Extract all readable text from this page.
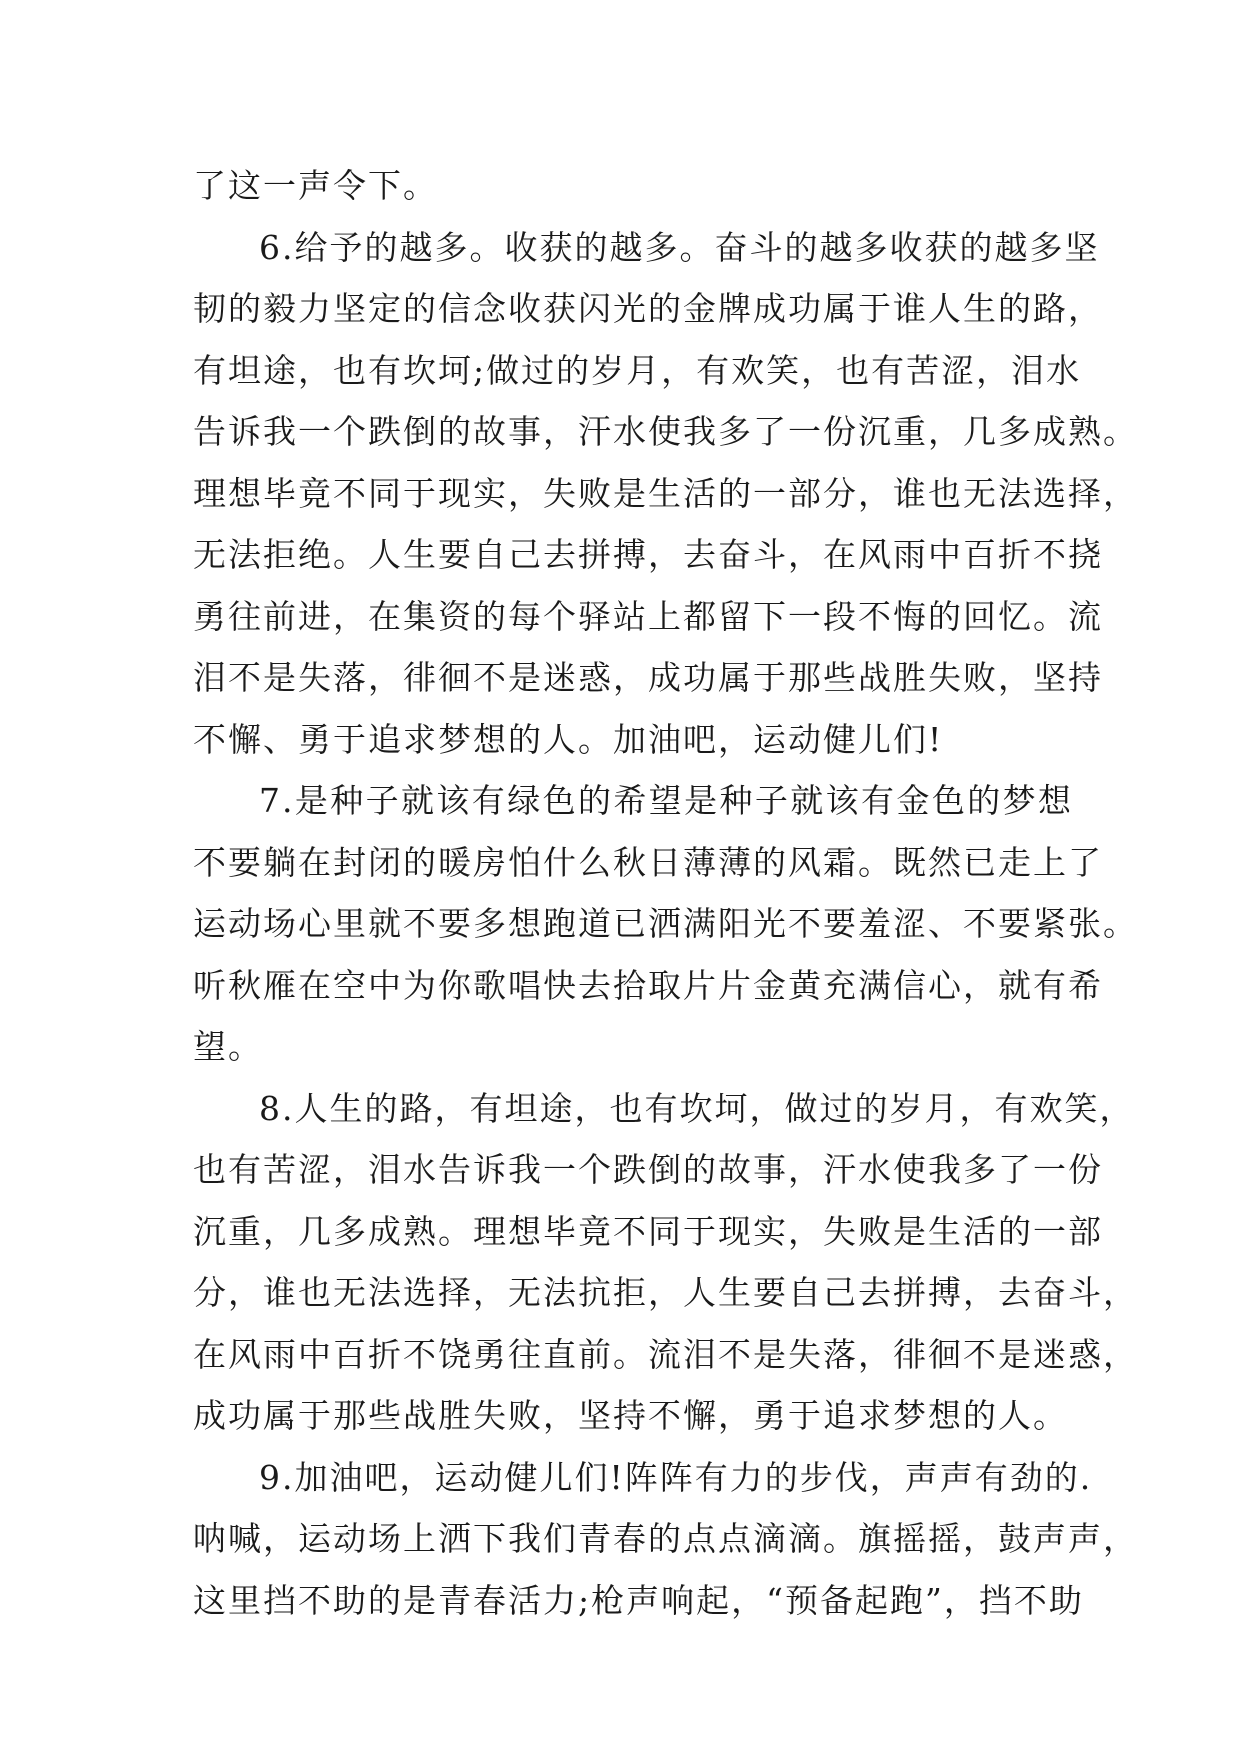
了这一声令下。
6.给予的越多。收获的越多。奋斗的越多收获的越多坚
韧的毅力坚定的信念收获闪光的金牌成功属于谁人生的路，
有坦途，也有坎坷;做过的岁月，有欢笑，也有苦涩，泪水
告诉我一个跌倒的故事，汗水使我多了一份沉重，几多成熟。
理想毕竟不同于现实，失败是生活的一部分，谁也无法选择，
无法拒绝。人生要自己去拼搏，去奋斗，在风雨中百折不挠
勇往前进，在集资的每个驿站上都留下一段不悔的回忆。流
泪不是失落，徘徊不是迷惑，成功属于那些战胜失败，坚持
不懈、勇于追求梦想的人。加油吧，运动健儿们!
7.是种子就该有绿色的希望是种子就该有金色的梦想
不要躺在封闭的暖房怕什么秋日薄薄的风霜。既然已走上了
运动场心里就不要多想跑道已洒满阳光不要羞涩、不要紧张。
听秋雁在空中为你歌唱快去拾取片片金黄充满信心，就有希
望。
8.人生的路，有坦途，也有坎坷，做过的岁月，有欢笑，
也有苦涩，泪水告诉我一个跌倒的故事，汗水使我多了一份
沉重，几多成熟。理想毕竟不同于现实，失败是生活的一部
分，谁也无法选择，无法抗拒，人生要自己去拼搏，去奋斗，
在风雨中百折不饶勇往直前。流泪不是失落，徘徊不是迷惑，
成功属于那些战胜失败，坚持不懈，勇于追求梦想的人。
9.加油吧，运动健儿们!阵阵有力的步伐，声声有劲的.
呐喊，运动场上洒下我们青春的点点滴滴。旗摇摇，鼓声声，
这里挡不助的是青春活力;枪声响起，“预备起跑”，挡不助
